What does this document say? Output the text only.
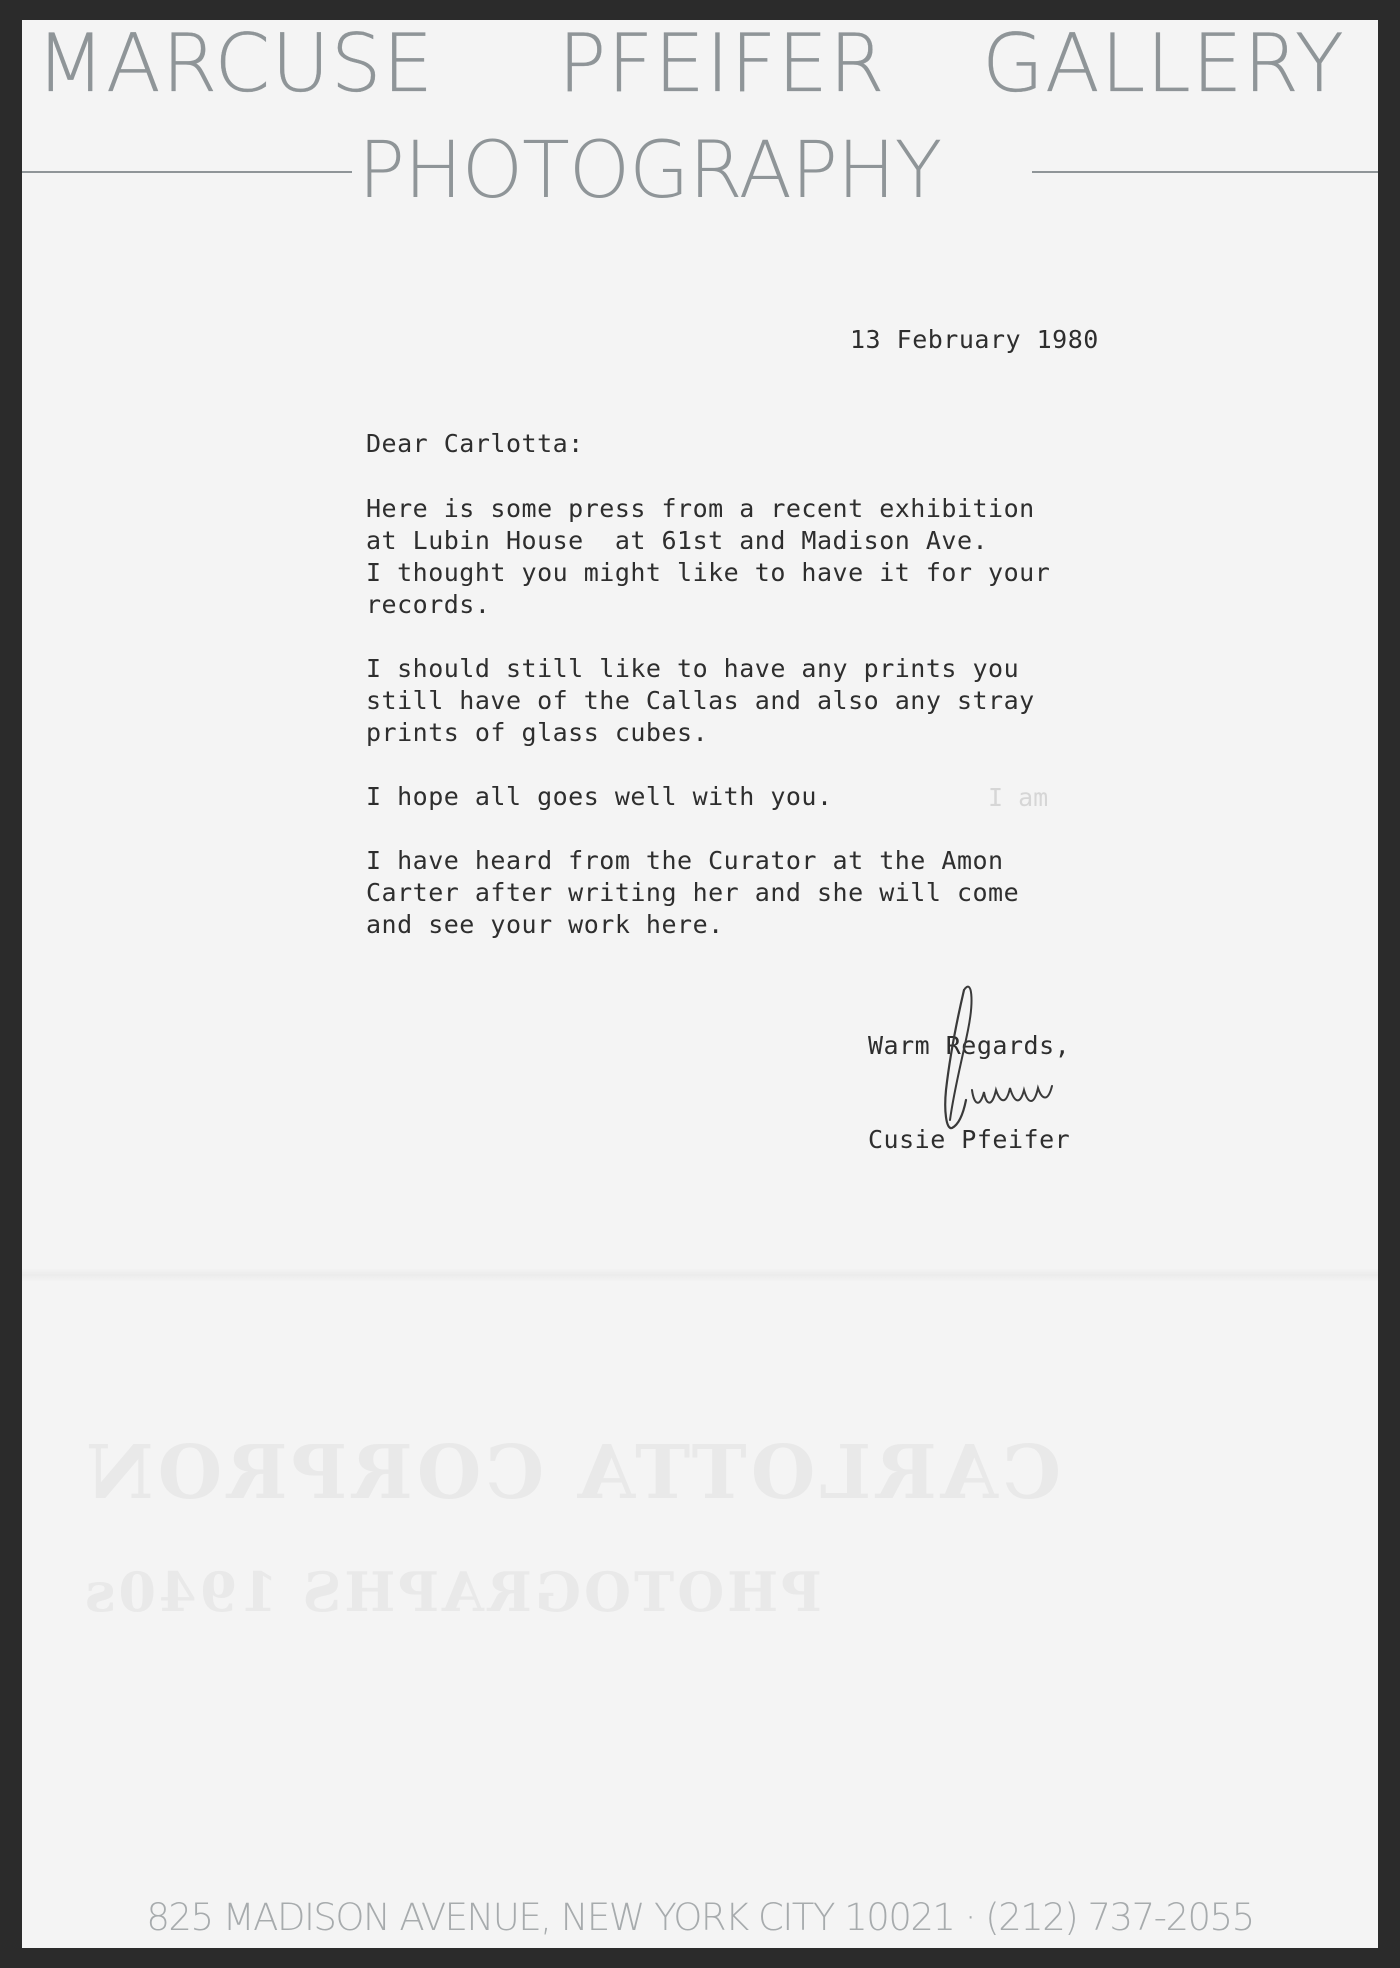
CARLOTTA CORPRON
PHOTOGRAPHS 1940s
MARCUSE PFEIFER GALLERY
PHOTOGRAPHY
13 February 1980
Dear Carlotta:
Here is some press from a recent exhibition
at Lubin House  at 61st and Madison Ave.
I thought you might like to have it for your
records.
I should still like to have any prints you
still have of the Callas and also any stray
prints of glass cubes.
I hope all goes well with you.	I am
I have heard from the Curator at the Amon
Carter after writing her and she will come
and see your work here.
Warm Regards,
Cusie Pfeifer
825 MADISON AVENUE, NEW YORK CITY 10021 · (212) 737-2055
